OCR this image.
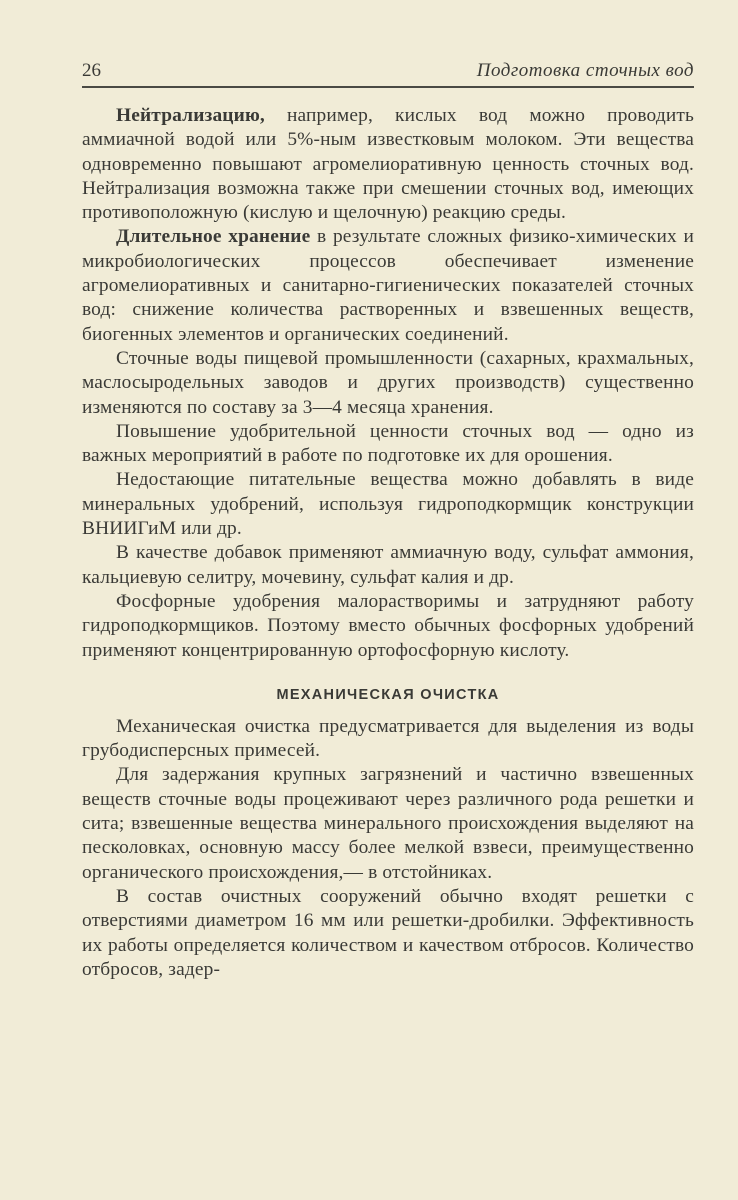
26	Подготовка сточных вод

Нейтрализацию, например, кислых вод можно проводить аммиачной водой или 5%-ным известковым молоком. Эти вещества одновременно повышают агромелиоративную ценность сточных вод. Нейтрализация возможна также при смешении сточных вод, имеющих противоположную (кислую и щелочную) реакцию среды.

Длительное хранение в результате сложных физико-химических и микробиологических процессов обеспечивает изменение агромелиоративных и санитарно-гигиенических показателей сточных вод: снижение количества растворенных и взвешенных веществ, биогенных элементов и органических соединений.

Сточные воды пищевой промышленности (сахарных, крахмальных, маслосыродельных заводов и других производств) существенно изменяются по составу за 3—4 месяца хранения.

Повышение удобрительной ценности сточных вод — одно из важных мероприятий в работе по подготовке их для орошения.

Недостающие питательные вещества можно добавлять в виде минеральных удобрений, используя гидроподкормщик конструкции ВНИИГиМ или др.

В качестве добавок применяют аммиачную воду, сульфат аммония, кальциевую селитру, мочевину, сульфат калия и др.

Фосфорные удобрения малорастворимы и затрудняют работу гидроподкормщиков. Поэтому вместо обычных фосфорных удобрений применяют концентрированную ортофосфорную кислоту.

МЕХАНИЧЕСКАЯ ОЧИСТКА

Механическая очистка предусматривается для выделения из воды грубодисперсных примесей.

Для задержания крупных загрязнений и частично взвешенных веществ сточные воды процеживают через различного рода решетки и сита; взвешенные вещества минерального происхождения выделяют на песколовках, основную массу более мелкой взвеси, преимущественно органического происхождения,— в отстойниках.

В состав очистных сооружений обычно входят решетки с отверстиями диаметром 16 мм или решетки-дробилки. Эффективность их работы определяется количеством и качеством отбросов. Количество отбросов, задер-
